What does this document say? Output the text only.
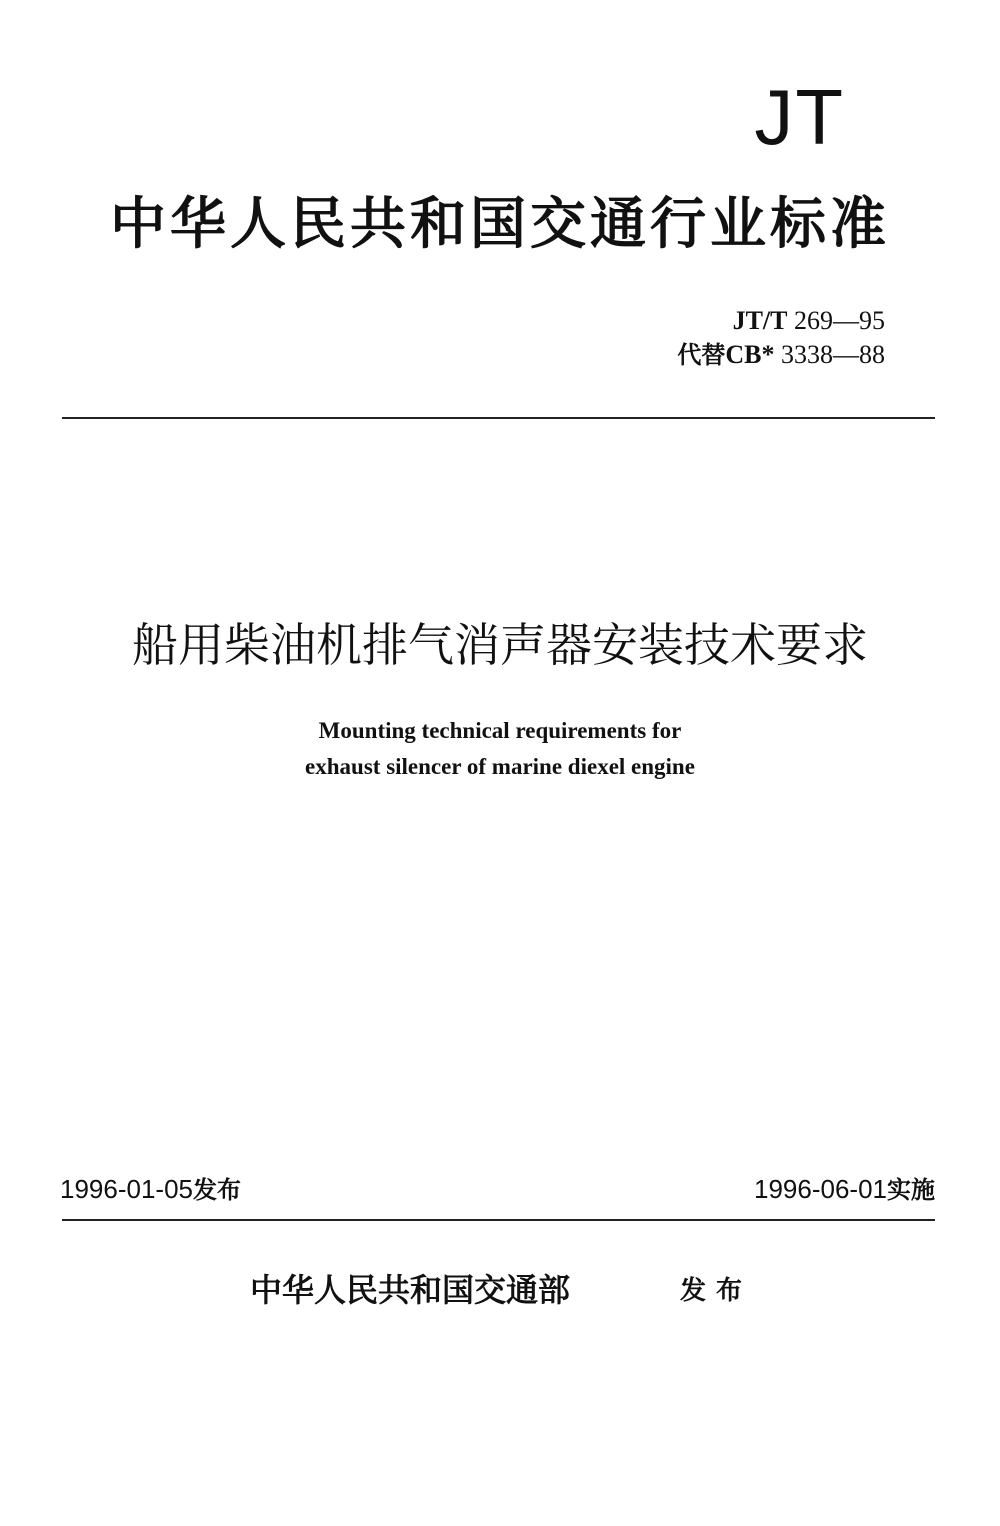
JT
中华人民共和国交通行业标准
JT/T 269—95
代替CB* 3338—88
船用柴油机排气消声器安装技术要求
Mounting technical requirements for
exhaust silencer of marine diexel engine
1996-01-05发布	1996-06-01实施
中华人民共和国交通部	发布
